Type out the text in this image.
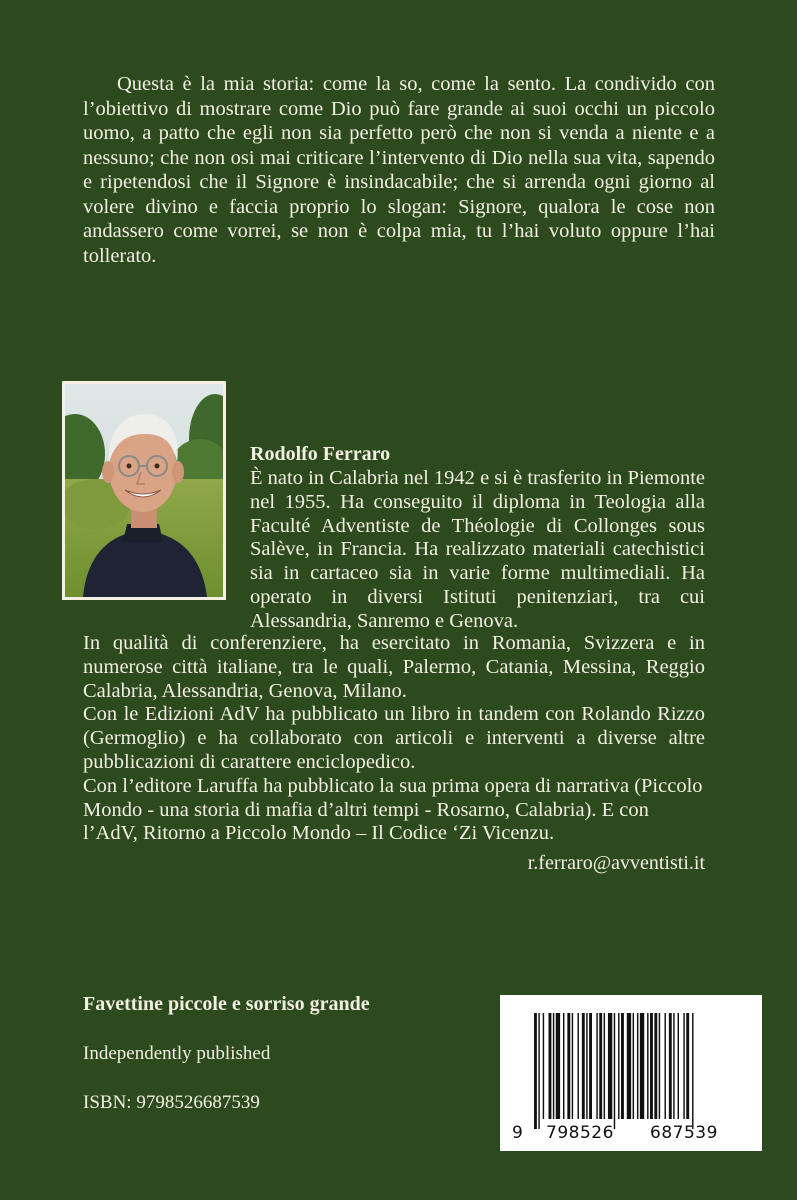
Questa è la mia storia: come la so, come la sento. La condivido con l’obiettivo di mostrare come Dio può fare grande ai suoi occhi un piccolo uomo, a patto che egli non sia perfetto però che non si venda a niente e a nessuno; che non osi mai criticare l’intervento di Dio nella sua vita, sapendo e ripetendosi che il Signore è insindacabile; che si arrenda ogni giorno al volere divino e faccia proprio lo slogan: Signore, qualora le cose non andassero come vorrei, se non è colpa mia, tu l’hai voluto oppure l’hai tollerato.

Rodolfo Ferraro

È nato in Calabria nel 1942 e si è trasferito in Piemonte nel 1955. Ha conseguito il diploma in Teologia alla Faculté Adventiste de Théologie di Collonges sous Salève, in Francia. Ha realizzato materiali catechistici sia in cartaceo sia in varie forme multimediali. Ha operato in diversi Istituti penitenziari, tra cui Alessandria, Sanremo e Genova.

In qualità di conferenziere, ha esercitato in Romania, Svizzera e in numerose città italiane, tra le quali, Palermo, Catania, Messina, Reggio Calabria, Alessandria, Genova, Milano.

Con le Edizioni AdV ha pubblicato un libro in tandem con Rolando Rizzo (Germoglio) e ha collaborato con articoli e interventi a diverse altre pubblicazioni di carattere enciclopedico.

Con l’editore Laruffa ha pubblicato la sua prima opera di narrativa (Piccolo Mondo - una storia di mafia d’altri tempi - Rosarno, Calabria). E con l’AdV, Ritorno a Piccolo Mondo – Il Codice ‘Zi Vicenzu.

r.ferraro@avventisti.it

Favettine piccole e sorriso grande

Independently published

ISBN: 9798526687539

9 798526 687539
